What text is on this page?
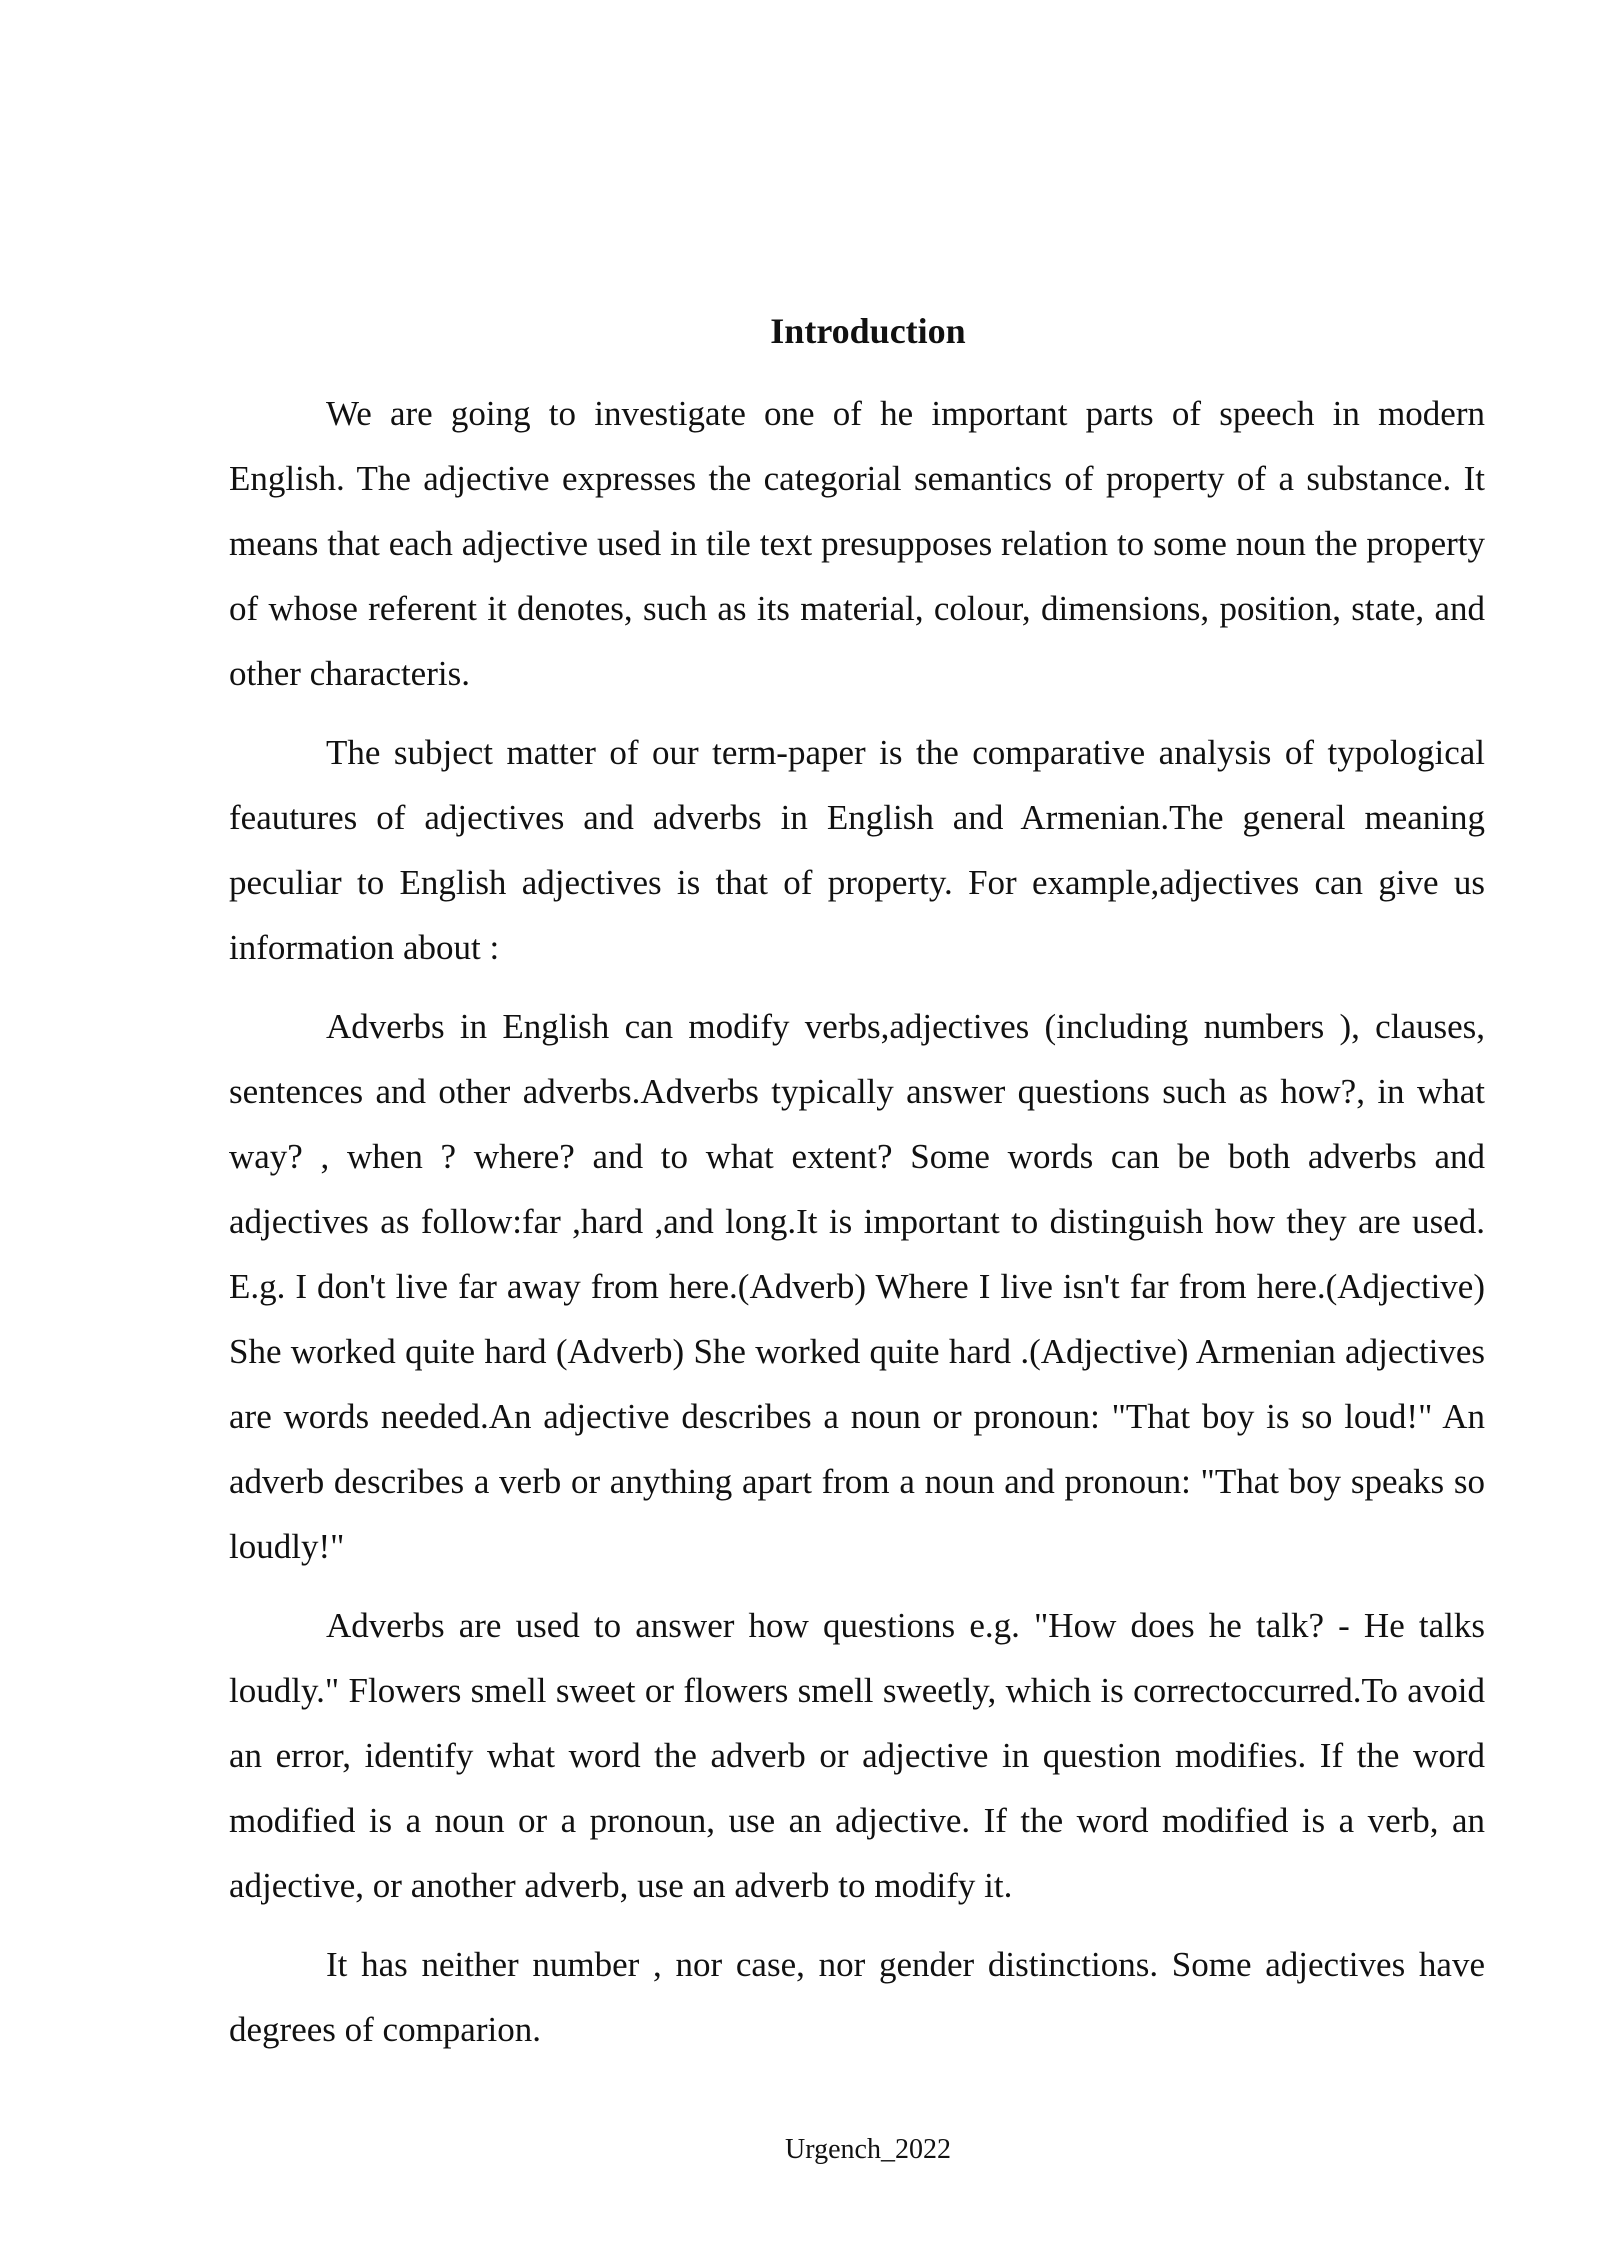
Introduction

We are going to investigate one of he important parts of speech in modern English. The adjective expresses the categorial semantics of property of a substance. It means that each adjective used in tile text presupposes relation to some noun the property of whose referent it denotes, such as its material, colour, dimensions, position, state, and other characteris.

The subject matter of our term-paper is the comparative analysis of typological feautures of adjectives and adverbs in English and Armenian.The general meaning peculiar to English adjectives is that of property. For example,adjectives can give us information about :

Adverbs in English can modify verbs,adjectives (including numbers ), clauses, sentences and other adverbs.Adverbs typically answer questions such as how?, in what way? , when ? where? and to what extent? Some words can be both adverbs and adjectives as follow:far ,hard ,and long.It is important to distinguish how they are used. E.g. I don't live far away from here.(Adverb) Where I live isn't far from here.(Adjective) She worked quite hard (Adverb) She worked quite hard .(Adjective) Armenian adjectives are words needed.An adjective describes a noun or pronoun: "That boy is so loud!" An adverb describes a verb or anything apart from a noun and pronoun: "That boy speaks so loudly!"

Adverbs are used to answer how questions e.g. "How does he talk? - He talks loudly." Flowers smell sweet or flowers smell sweetly, which is correctoccurred.To avoid an error, identify what word the adverb or adjective in question modifies. If the word modified is a noun or a pronoun, use an adjective. If the word modified is a verb, an adjective, or another adverb, use an adverb to modify it.

It has neither number , nor case, nor gender distinctions. Some adjectives have degrees of comparion.

Urgench_2022
